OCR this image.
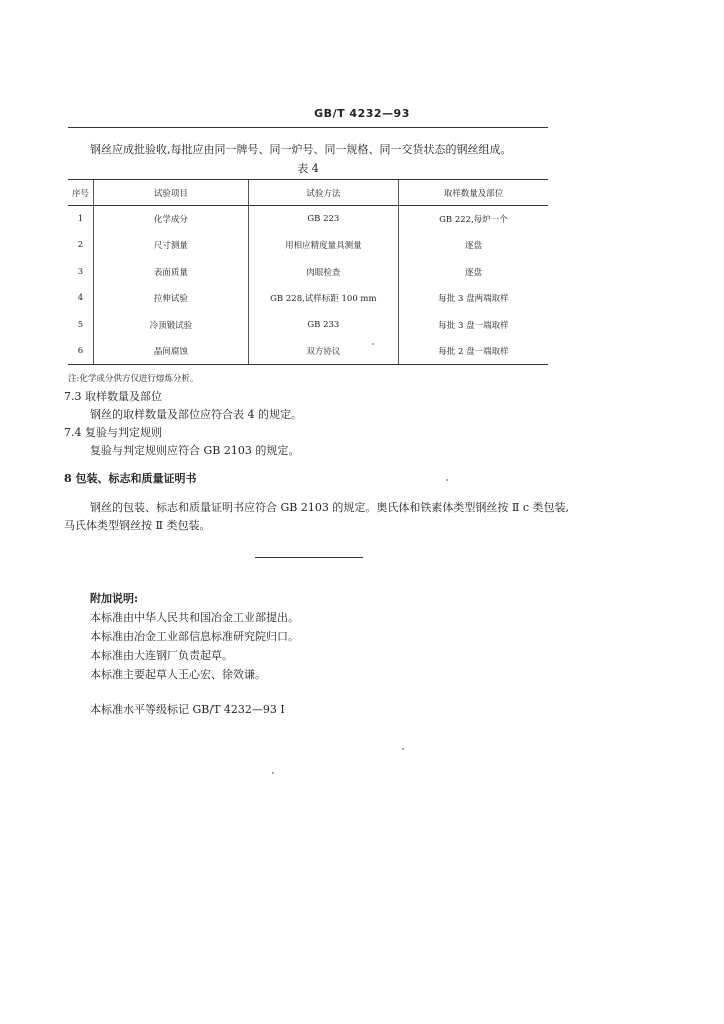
GB/T 4232—93
钢丝应成批验收,每批应由同一牌号、同一炉号、同一规格、同一交货状态的钢丝组成。
表 4
序号	试验项目	试验方法	取样数量及部位
1	化学成分	GB 223	GB 222,每炉一个
2	尺寸测量	用相应精度量具测量	逐盘
3	表面质量	肉眼检查	逐盘
4	拉伸试验	GB 228,试样标距 100 mm	每批 3 盘两端取样
5	冷顶锻试验	GB 233	每批 3 盘一端取样
6	晶间腐蚀	双方协议	每批 2 盘一端取样
注:化学成分供方仅进行熔炼分析。
7.3 取样数量及部位
钢丝的取样数量及部位应符合表 4 的规定。
7.4 复验与判定规则
复验与判定规则应符合 GB 2103 的规定。
8 包装、标志和质量证明书
钢丝的包装、标志和质量证明书应符合 GB 2103 的规定。奥氏体和铁素体类型钢丝按 Ⅱ c 类包装,
马氏体类型钢丝按 Ⅱ 类包装。
附加说明:
本标准由中华人民共和国冶金工业部提出。
本标准由冶金工业部信息标准研究院归口。
本标准由大连钢厂负责起草。
本标准主要起草人王心宏、徐效谦。
本标准水平等级标记 GB/T 4232—93 I
